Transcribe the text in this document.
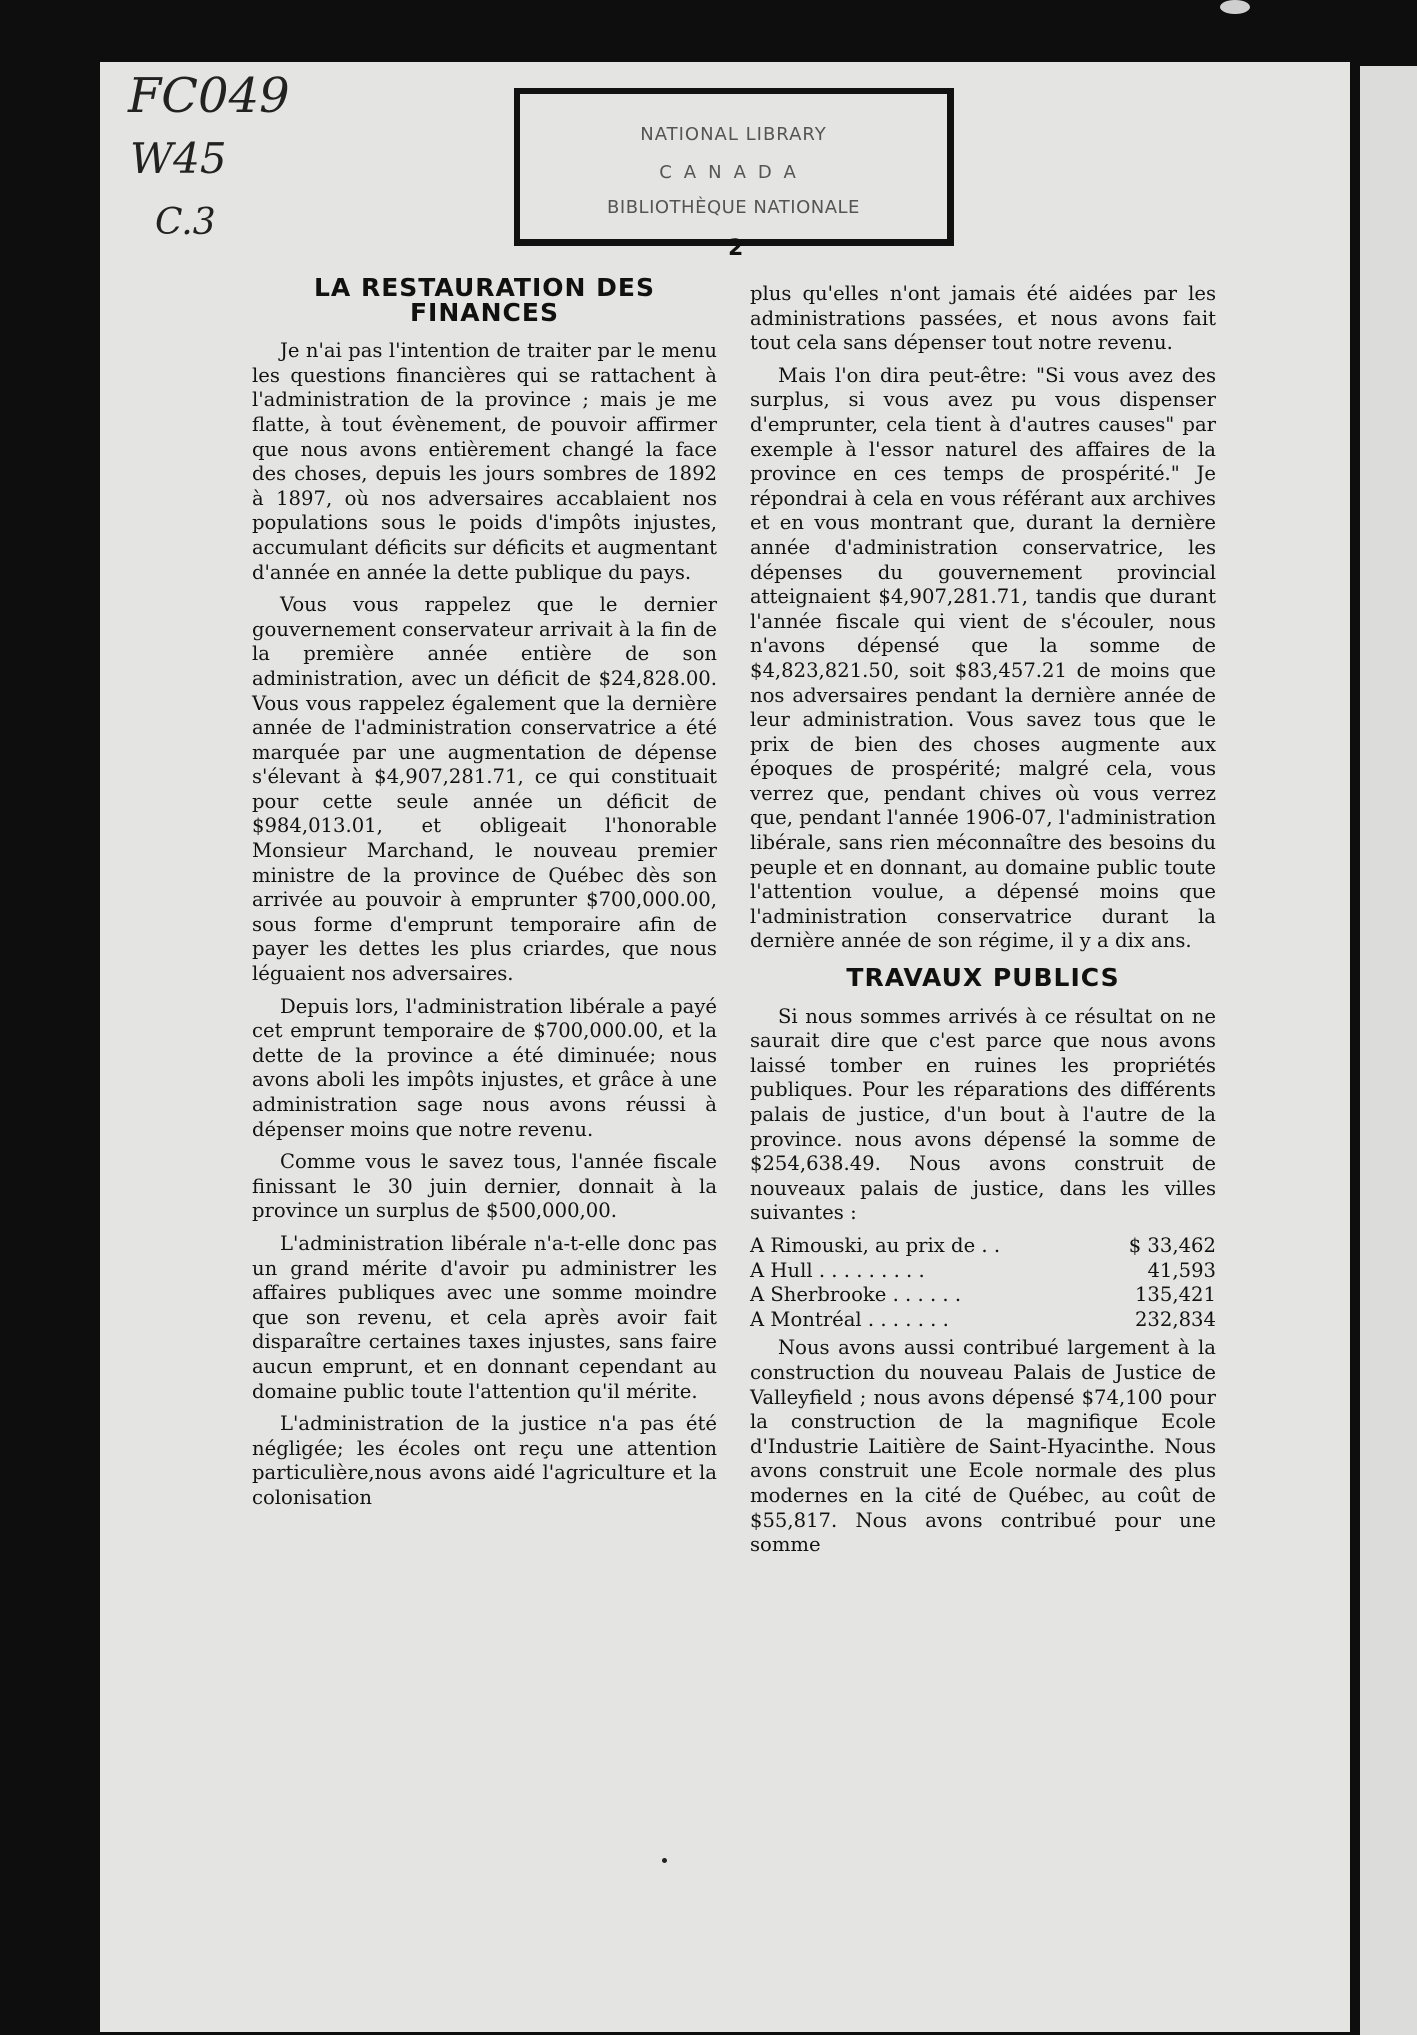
FC049
W45
C.3
NATIONAL LIBRARY
CANADA
BIBLIOTHÈQUE NATIONALE
2
LA RESTAURATION DES FINANCES

Je n'ai pas l'intention de traiter par le menu les questions financières qui se rattachent à l'administration de la province ; mais je me flatte, à tout évènement, de pouvoir affirmer que nous avons entièrement changé la face des choses, depuis les jours sombres de 1892 à 1897, où nos adversaires accablaient nos populations sous le poids d'impôts injustes, accumulant déficits sur déficits et augmentant d'année en année la dette publique du pays.

Vous vous rappelez que le dernier gouvernement conservateur arrivait à la fin de la première année entière de son administration, avec un déficit de $24,828.00. Vous vous rappelez également que la dernière année de l'administration conservatrice a été marquée par une augmentation de dépense s'élevant à $4,907,281.71, ce qui constituait pour cette seule année un déficit de $984,013.01, et obligeait l'honorable Monsieur Marchand, le nouveau premier ministre de la province de Québec dès son arrivée au pouvoir à emprunter $700,000.00, sous forme d'emprunt temporaire afin de payer les dettes les plus criardes, que nous léguaient nos adversaires.

Depuis lors, l'administration libérale a payé cet emprunt temporaire de $700,000.00, et la dette de la province a été diminuée; nous avons aboli les impôts injustes, et grâce à une administration sage nous avons réussi à dépenser moins que notre revenu.

Comme vous le savez tous, l'année fiscale finissant le 30 juin dernier, donnait à la province un surplus de $500,000,00.

L'administration libérale n'a-t-elle donc pas un grand mérite d'avoir pu administrer les affaires publiques avec une somme moindre que son revenu, et cela après avoir fait disparaître certaines taxes injustes, sans faire aucun emprunt, et en donnant cependant au domaine public toute l'attention qu'il mérite.

L'administration de la justice n'a pas été négligée; les écoles ont reçu une attention particulière,nous avons aidé l'agriculture et la colonisation

plus qu'elles n'ont jamais été aidées par les administrations passées, et nous avons fait tout cela sans dépenser tout notre revenu.

Mais l'on dira peut-être: "Si vous avez des surplus, si vous avez pu vous dispenser d'emprunter, cela tient à d'autres causes" par exemple à l'essor naturel des affaires de la province en ces temps de prospérité." Je répondrai à cela en vous référant aux archives et en vous montrant que, durant la dernière année d'administration conservatrice, les dépenses du gouvernement provincial atteignaient $4,907,281.71, tandis que durant l'année fiscale qui vient de s'écouler, nous n'avons dépensé que la somme de $4,823,821.50, soit $83,457.21 de moins que nos adversaires pendant la dernière année de leur administration. Vous savez tous que le prix de bien des choses augmente aux époques de prospérité; malgré cela, vous verrez que, pendant chives où vous verrez que, pendant l'année 1906-07, l'administration libérale, sans rien méconnaître des besoins du peuple et en donnant, au domaine public toute l'attention voulue, a dépensé moins que l'administration conservatrice durant la dernière année de son régime, il y a dix ans.

TRAVAUX PUBLICS

Si nous sommes arrivés à ce résultat on ne saurait dire que c'est parce que nous avons laissé tomber en ruines les propriétés publiques. Pour les réparations des différents palais de justice, d'un bout à l'autre de la province. nous avons dépensé la somme de $254,638.49. Nous avons construit de nouveaux palais de justice, dans les villes suivantes :

A Rimouski, au prix de . .	$ 33,462
A Hull . . . . . . . . .	41,593
A Sherbrooke . . . . . .	135,421
A Montréal . . . . . . .	232,834

Nous avons aussi contribué largement à la construction du nouveau Palais de Justice de Valleyfield ; nous avons dépensé $74,100 pour la construction de la magnifique Ecole d'Industrie Laitière de Saint-Hyacinthe. Nous avons construit une Ecole normale des plus modernes en la cité de Québec, au coût de $55,817. Nous avons contribué pour une somme
